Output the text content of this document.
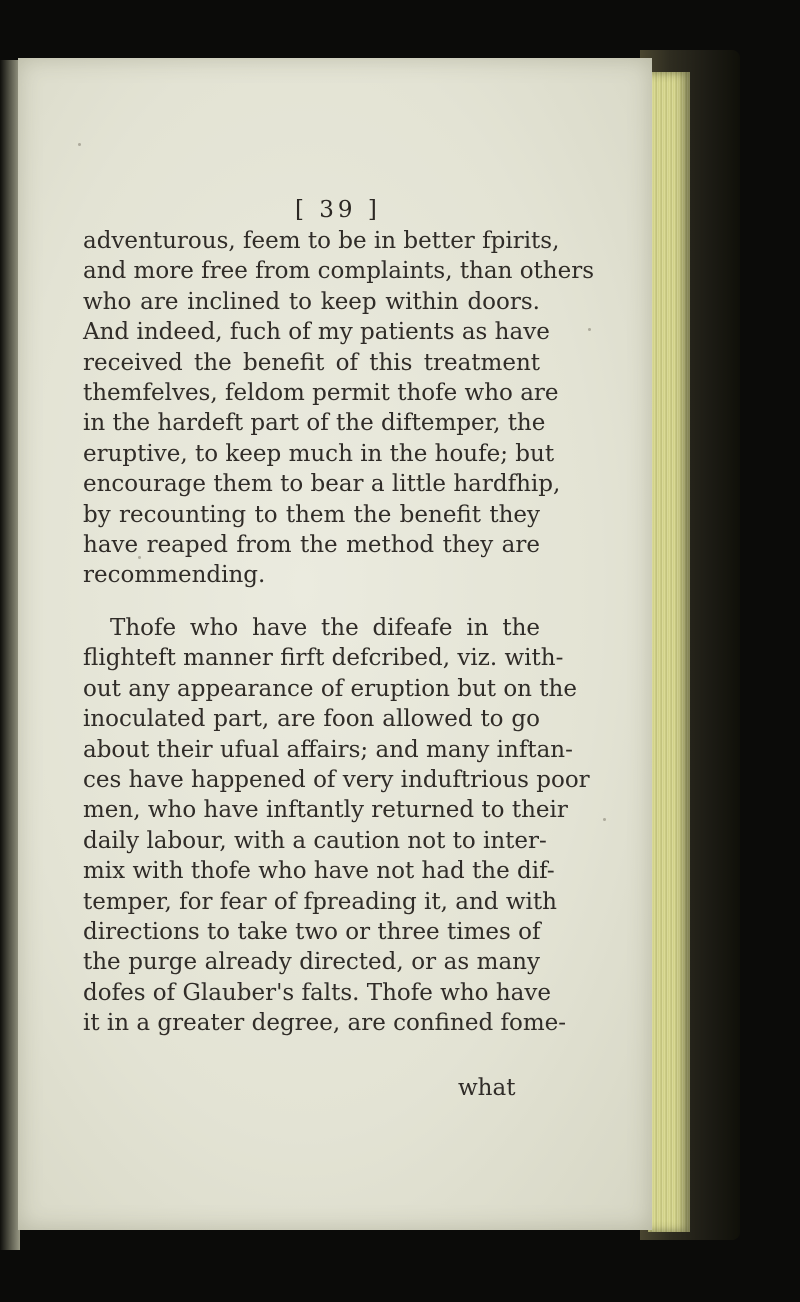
[ 39 ]
adventurous, feem to be in better fpirits,
and more free from complaints, than others
who are inclined to keep within doors.
And indeed, fuch of my patients as have
received the benefit of this treatment
themfelves, feldom permit thofe who are
in the hardeft part of the diftemper, the
eruptive, to keep much in the houfe; but
encourage them to bear a little hardfhip,
by recounting to them the benefit they
have reaped from the method they are
recommending.
Thofe who have the difeafe in the
flighteft manner firft defcribed, viz. with-
out any appearance of eruption but on the
inoculated part, are foon allowed to go
about their ufual affairs; and many inftan-
ces have happened of very induftrious poor
men, who have inftantly returned to their
daily labour, with a caution not to inter-
mix with thofe who have not had the dif-
temper, for fear of fpreading it, and with
directions to take two or three times of
the purge already directed, or as many
dofes of Glauber's falts. Thofe who have
it in a greater degree, are confined fome-
what
